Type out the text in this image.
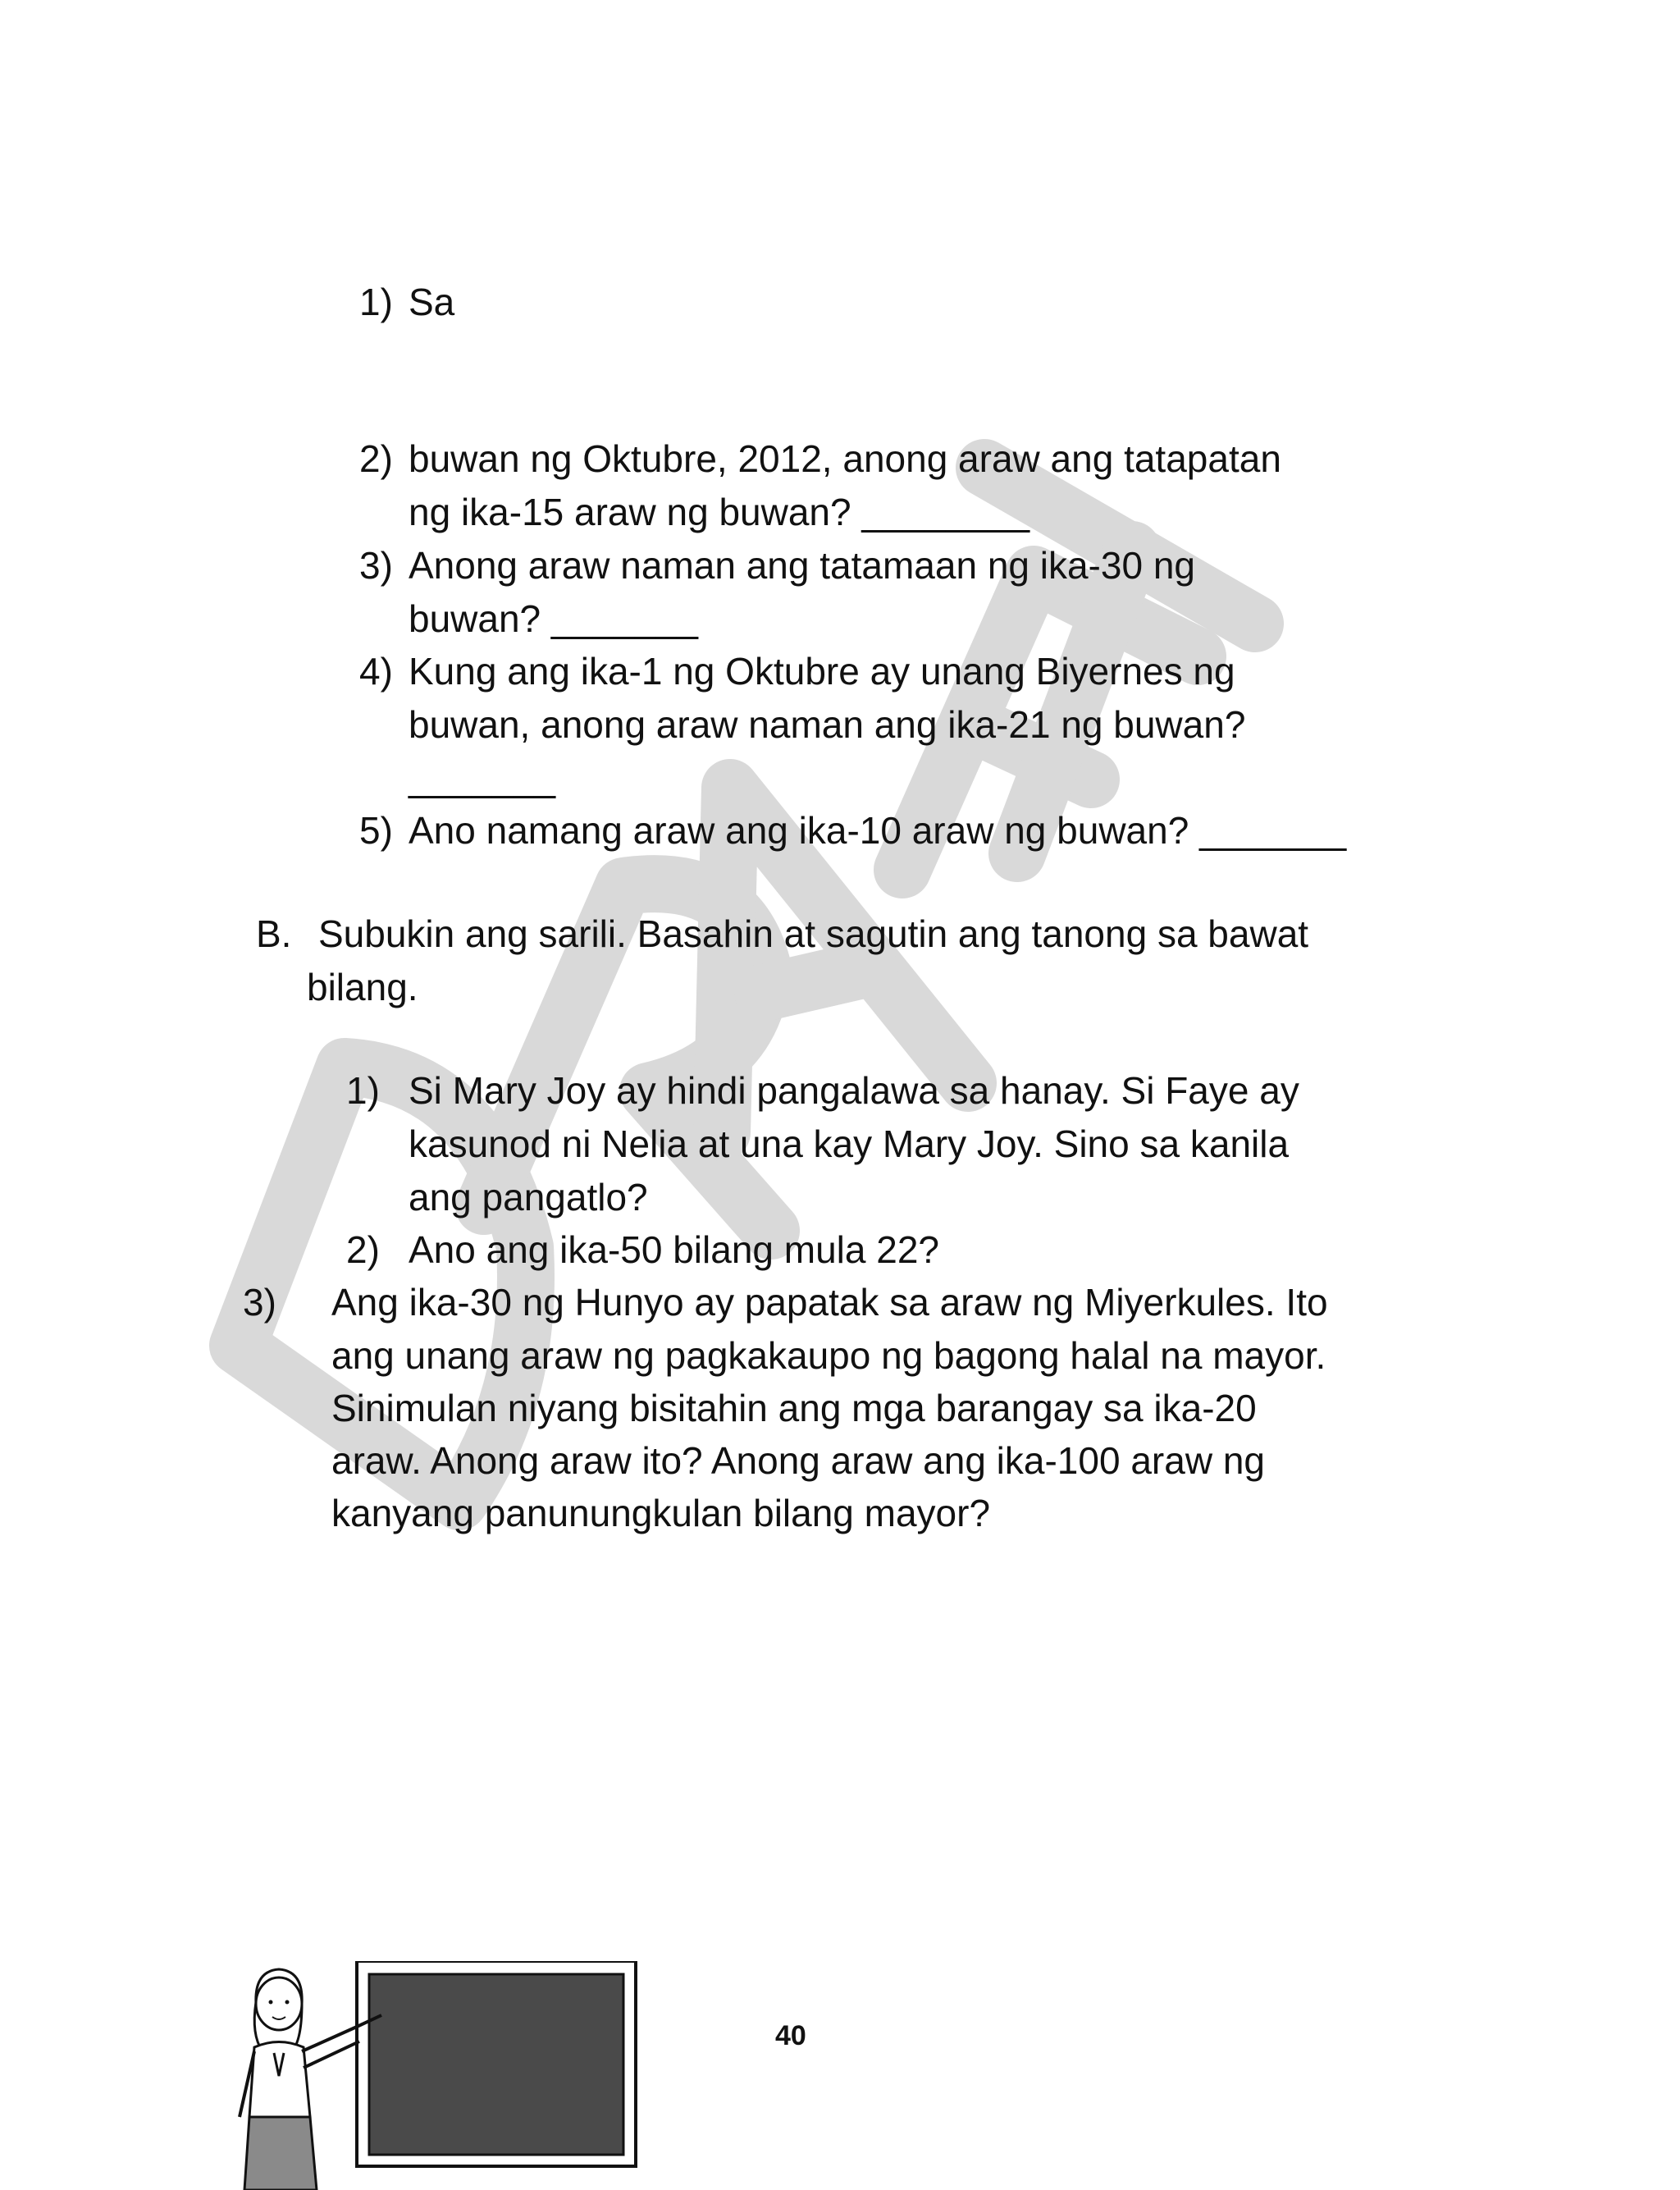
1) Sa
2) buwan ng Oktubre, 2012, anong araw ang tatapatan
ng ika-15 araw ng buwan? ________
3) Anong araw naman ang tatamaan ng ika-30 ng
buwan? _______
4) Kung ang ika-1 ng Oktubre ay unang Biyernes ng
buwan, anong araw naman ang ika-21 ng buwan?
_______
5) Ano namang araw ang ika-10 araw ng buwan? _______
B. Subukin ang sarili. Basahin at sagutin ang tanong sa bawat
bilang.
1) Si Mary Joy ay hindi pangalawa sa hanay. Si Faye ay
kasunod ni Nelia at una kay Mary Joy. Sino sa kanila
ang pangatlo?
2) Ano ang ika-50 bilang mula 22?
3) Ang ika-30 ng Hunyo ay papatak sa araw ng Miyerkules. Ito
ang unang araw ng pagkakaupo ng bagong halal na mayor.
Sinimulan niyang bisitahin ang mga barangay sa ika-20
araw. Anong araw ito? Anong araw ang ika-100 araw ng
kanyang panunungkulan bilang mayor?
40
